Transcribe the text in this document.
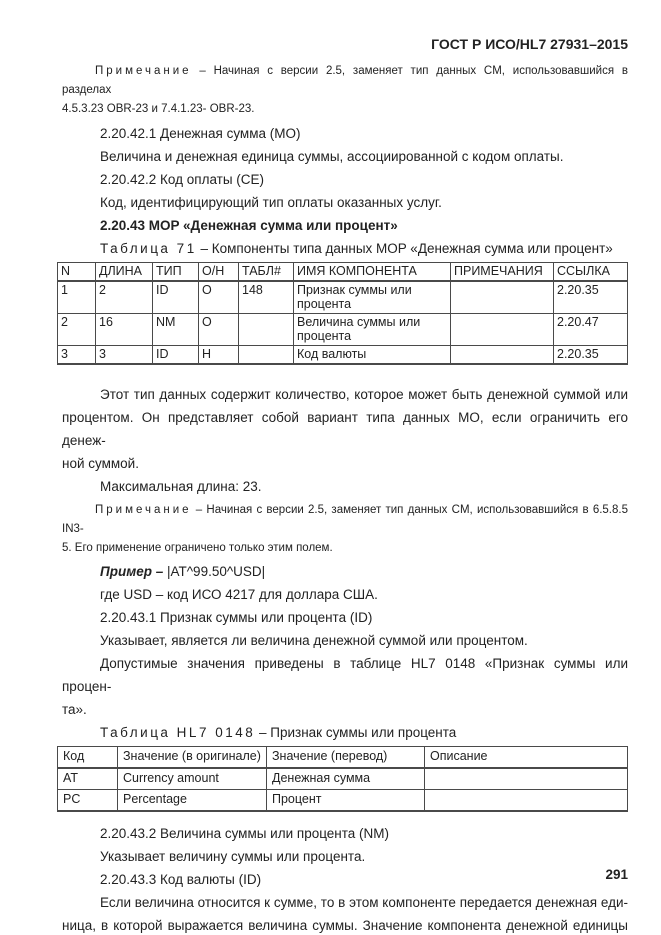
ГОСТ Р ИСО/HL7 27931–2015
Примечание – Начиная с версии 2.5, заменяет тип данных CM, использовавшийся в разделах
4.5.3.23 OBR-23 и 7.4.1.23- OBR-23.
2.20.42.1 Денежная сумма (MO)
Величина и денежная единица суммы, ассоциированной с кодом оплаты.
2.20.42.2 Код оплаты (CE)
Код, идентифицирующий тип оплаты оказанных услуг.
2.20.43 MOP «Денежная сумма или процент»
Таблица 71 – Компоненты типа данных MOP «Денежная сумма или процент»
N	ДЛИНА	ТИП	О/Н	ТАБЛ#	ИМЯ КОМПОНЕНТА	ПРИМЕЧАНИЯ	ССЫЛКА
1	2	ID	О	148	Признак суммы или процента		2.20.35
2	16	NM	О		Величина суммы или процента		2.20.47
3	3	ID	Н		Код валюты		2.20.35
Этот тип данных содержит количество, которое может быть денежной суммой или
процентом. Он представляет собой вариант типа данных MO, если ограничить его денеж-
ной суммой.
Максимальная длина: 23.
Примечание – Начиная с версии 2.5, заменяет тип данных CM, использовавшийся в 6.5.8.5 IN3-
5. Его применение ограничено только этим полем.
Пример – |AT^99.50^USD|
где USD – код ИСО 4217 для доллара США.
2.20.43.1 Признак суммы или процента (ID)
Указывает, является ли величина денежной суммой или процентом.
Допустимые значения приведены в таблице HL7 0148 «Признак суммы или процен-
та».
Таблица HL7 0148 – Признак суммы или процента
Код	Значение (в оригинале)	Значение (перевод)	Описание
AT	Currency amount	Денежная сумма	
PC	Percentage	Процент	
2.20.43.2 Величина суммы или процента (NM)
Указывает величину суммы или процента.
2.20.43.3 Код валюты (ID)
Если величина относится к сумме, то в этом компоненте передается денежная еди-
ница, в которой выражается величина суммы. Значение компонента денежной единицы
291
